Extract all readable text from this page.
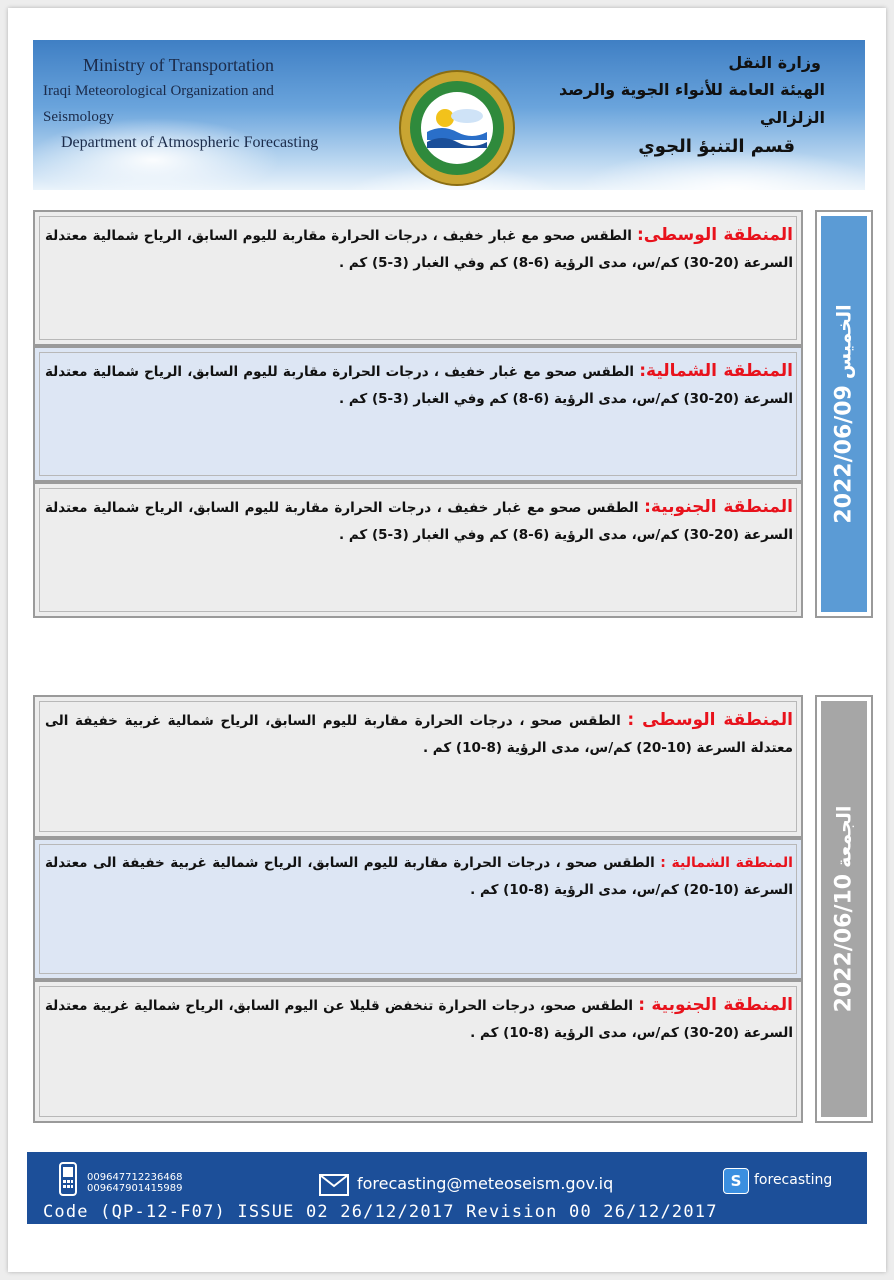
Ministry of Transportation
Iraqi Meteorological Organization and Seismology
Department of Atmospheric Forecasting
وزارة النقل
الهيئة العامة للأنواء الجوية والرصد الزلزالي
قسم التنبؤ الجوي
المنطقة الوسطى: الطقس صحو مع غبار خفيف ، درجات الحرارة مقاربة لليوم السابق، الرياح شمالية معتدلة السرعة (20-30) كم/س، مدى الرؤية (6-8) كم وفي الغبار (3-5) كم .
المنطقة الشمالية: الطقس صحو مع غبار خفيف ، درجات الحرارة مقاربة لليوم السابق، الرياح شمالية معتدلة السرعة (20-30) كم/س، مدى الرؤية (6-8) كم وفي الغبار (3-5) كم .
المنطقة الجنوبية: الطقس صحو مع غبار خفيف ، درجات الحرارة مقاربة لليوم السابق، الرياح شمالية معتدلة السرعة (20-30) كم/س، مدى الرؤية (6-8) كم وفي الغبار (3-5) كم .
الخميس2022/06/09
المنطقة الوسطى : الطقس صحو ، درجات الحرارة مقاربة لليوم السابق، الرياح شمالية غربية خفيفة الى معتدلة السرعة (10-20) كم/س، مدى الرؤية (8-10) كم .
المنطقة الشمالية : الطقس صحو ، درجات الحرارة مقاربة لليوم السابق، الرياح شمالية غربية خفيفة الى معتدلة السرعة (10-20) كم/س، مدى الرؤية (8-10) كم .
المنطقة الجنوبية : الطقس صحو، درجات الحرارة تنخفض قليلا عن اليوم السابق، الرياح شمالية غربية معتدلة السرعة (20-30) كم/س، مدى الرؤية (8-10) كم .
الجمعة2022/06/10
009647712236468
009647901415989	forecasting@meteoseism.gov.iq	S forecasting
Code (QP-12-F07) ISSUE 02 26/12/2017 Revision 00 26/12/2017
